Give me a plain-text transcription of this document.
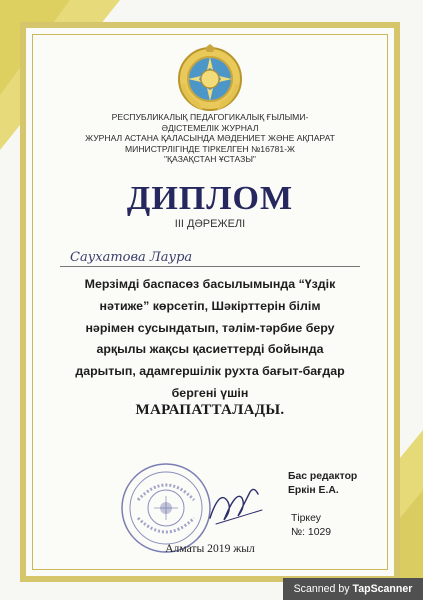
РЕСПУБЛИКАЛЫҚ ПЕДАГОГИКАЛЫҚ ҒЫЛЫМИ-
ӘДІСТЕМЕЛІК ЖУРНАЛ
ЖУРНАЛ АСТАНА ҚАЛАСЫНДА МӘДЕНИЕТ ЖӘНЕ АҚПАРАТ
МИНИСТРЛІГІНДЕ ТІРКЕЛГЕН №16781-Ж
"ҚАЗАҚСТАН ҰСТАЗЫ"
ДИПЛОМ
ІІІ ДӘРЕЖЕЛІ
Саухатова Лаура
Мерзімді баспасөз басылымында “Үздік
нәтиже” көрсетіп, Шәкірттерін білім
нәрімен сусындатып, тәлім-тәрбие беру
арқылы жақсы қасиеттерді бойында
дарытып, адамгершілік рухта бағыт-бағдар
бергені үшін
МАРАПАТТАЛАДЫ.
Бас редактор
Еркін Е.А.
Тіркеу
№: 1029
Алматы 2019 жыл
Scanned by TapScanner
